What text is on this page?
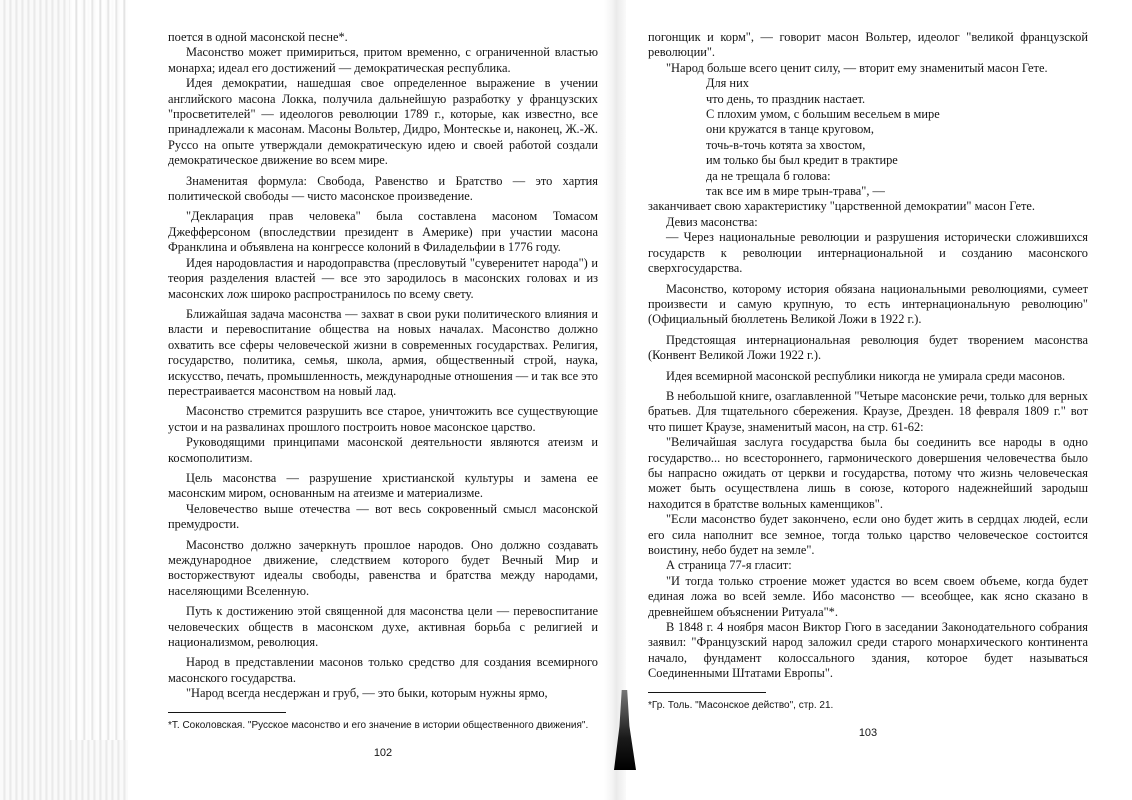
поется в одной масонской песне*.

Масонство может примириться, притом временно, с ограниченной властью монарха; идеал его достижений — демократическая республика.

Идея демократии, нашедшая свое определенное выражение в учении английского масона Локка, получила дальнейшую разработку у французских "просветителей" — идеологов революции 1789 г., которые, как известно, все принадлежали к масонам. Масоны Вольтер, Дидро, Монтескье и, наконец, Ж.-Ж. Руссо на опыте утверждали демократическую идею и своей работой создали демократическое движение во всем мире.

Знаменитая формула: Свобода, Равенство и Братство — это хартия политической свободы — чисто масонское произведение.

"Декларация прав человека" была составлена масоном Томасом Джефферсоном (впоследствии президент в Америке) при участии масона Франклина и объявлена на конгрессе колоний в Филадельфии в 1776 году.

Идея народовластия и народоправства (пресловутый "суверенитет народа") и теория разделения властей — все это зародилось в масонских головах и из масонских лож широко распространилось по всему свету.

Ближайшая задача масонства — захват в свои руки политического влияния и власти и перевоспитание общества на новых началах. Масонство должно охватить все сферы человеческой жизни в современных государствах. Религия, государство, политика, семья, школа, армия, общественный строй, наука, искусство, печать, промышленность, международные отношения — и так все это перестраивается масонством на новый лад.

Масонство стремится разрушить все старое, уничтожить все существующие устои и на развалинах прошлого построить новое масонское царство.

Руководящими принципами масонской деятельности являются атеизм и космополитизм.

Цель масонства — разрушение христианской культуры и замена ее масонским миром, основанным на атеизме и материализме.

Человечество выше отечества — вот весь сокровенный смысл масонской премудрости.

Масонство должно зачеркнуть прошлое народов. Оно должно создавать международное движение, следствием которого будет Вечный Мир и восторжествуют идеалы свободы, равенства и братства между народами, населяющими Вселенную.

Путь к достижению этой священной для масонства цели — перевоспитание человеческих обществ в масонском духе, активная борьба с религией и национализмом, революция.

Народ в представлении масонов только средство для создания всемирного масонского государства.

"Народ всегда несдержан и груб, — это быки, которым нужны ярмо,

*Т. Соколовская. "Русское масонство и его значение в истории общественного движения".
102

погонщик и корм", — говорит масон Вольтер, идеолог "великой французской революции".

"Народ больше всего ценит силу, — вторит ему знаменитый масон Гете.

Для них
что день, то праздник настает.
С плохим умом, с большим весельем в мире
они кружатся в танце круговом,
точь-в-точь котята за хвостом,
им только бы был кредит в трактире
да не трещала б голова:
так все им в мире трын-трава", —

заканчивает свою характеристику "царственной демократии" масон Гете.

Девиз масонства:

— Через национальные революции и разрушения исторически сложившихся государств к революции интернациональной и созданию масонского сверхгосударства.

Масонство, которому история обязана национальными революциями, сумеет произвести и самую крупную, то есть интернациональную революцию" (Официальный бюллетень Великой Ложи в 1922 г.).

Предстоящая интернациональная революция будет творением масонства (Конвент Великой Ложи 1922 г.).

Идея всемирной масонской республики никогда не умирала среди масонов.

В небольшой книге, озаглавленной "Четыре масонские речи, только для верных братьев. Для тщательного сбережения. Краузе, Дрезден. 18 февраля 1809 г." вот что пишет Краузе, знаменитый масон, на стр. 61-62:

"Величайшая заслуга государства была бы соединить все народы в одно государство... но всестороннего, гармонического довершения человечества было бы напрасно ожидать от церкви и государства, потому что жизнь человеческая может быть осуществлена лишь в союзе, которого надежнейший зародыш находится в братстве вольных каменщиков".

"Если масонство будет закончено, если оно будет жить в сердцах людей, если его сила наполнит все земное, тогда только царство человеческое состоится воистину, небо будет на земле".

А страница 77-я гласит:

"И тогда только строение может удастся во всем своем объеме, когда будет единая ложа во всей земле. Ибо масонство — всеобщее, как ясно сказано в древнейшем объяснении Ритуала"*.

В 1848 г. 4 ноября масон Виктор Гюго в заседании Законодательного собрания заявил: "Французский народ заложил среди старого монархического континента начало, фундамент колоссального здания, которое будет называться Соединенными Штатами Европы".

*Гр. Толь. "Масонское действо", стр. 21.
103
